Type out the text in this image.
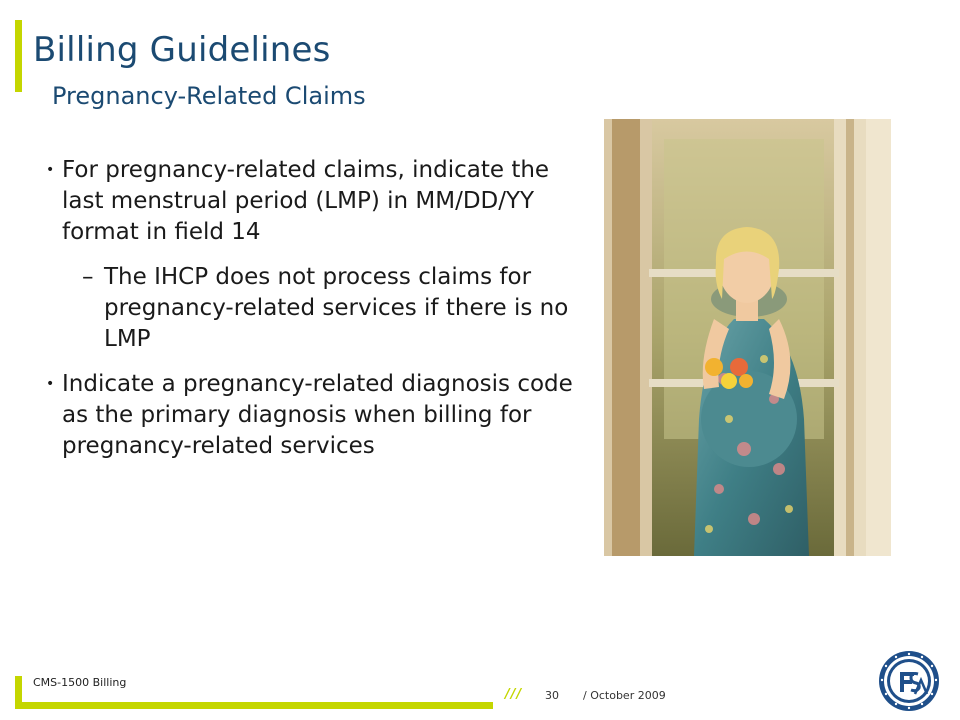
Billing Guidelines
Pregnancy-Related Claims
• For pregnancy-related claims, indicate the last menstrual period (LMP) in MM/DD/YY format in field 14
– The IHCP does not process claims for pregnancy-related services if there is no LMP
• Indicate a pregnancy-related diagnosis code as the primary diagnosis when billing for pregnancy-related services
CMS-1500 Billing
/// 30 / October 2009
